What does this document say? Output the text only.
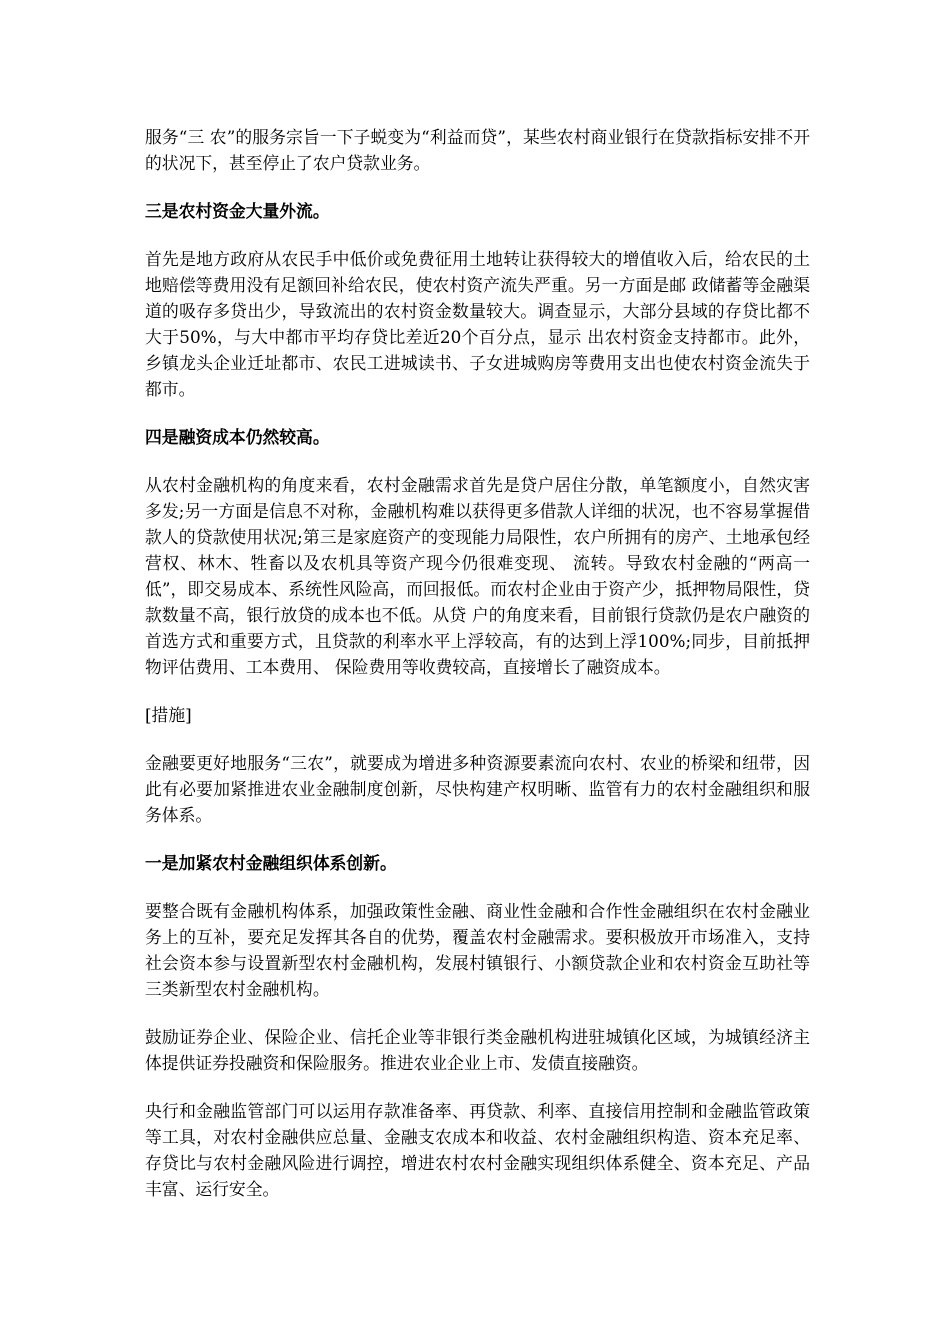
服务“三 农”的服务宗旨一下子蜕变为“利益而贷”，某些农村商业银行在贷款指标安排不开的状况下，甚至停止了农户贷款业务。

三是农村资金大量外流。

首先是地方政府从农民手中低价或免费征用土地转让获得较大的增值收入后，给农民的土地赔偿等费用没有足额回补给农民，使农村资产流失严重。另一方面是邮 政储蓄等金融渠道的吸存多贷出少，导致流出的农村资金数量较大。调查显示，大部分县域的存贷比都不大于50%，与大中都市平均存贷比差近20个百分点，显示 出农村资金支持都市。此外，乡镇龙头企业迁址都市、农民工进城读书、子女进城购房等费用支出也使农村资金流失于都市。

四是融资成本仍然较高。

从农村金融机构的角度来看，农村金融需求首先是贷户居住分散，单笔额度小，自然灾害多发;另一方面是信息不对称，金融机构难以获得更多借款人详细的状况，也不容易掌握借款人的贷款使用状况;第三是家庭资产的变现能力局限性，农户所拥有的房产、土地承包经营权、林木、牲畜以及农机具等资产现今仍很难变现、 流转。导致农村金融的“两高一低”，即交易成本、系统性风险高，而回报低。而农村企业由于资产少，抵押物局限性，贷款数量不高，银行放贷的成本也不低。从贷 户的角度来看，目前银行贷款仍是农户融资的首选方式和重要方式，且贷款的利率水平上浮较高，有的达到上浮100%;同步，目前抵押物评估费用、工本费用、 保险费用等收费较高，直接增长了融资成本。

[措施]

金融要更好地服务“三农”，就要成为增进多种资源要素流向农村、农业的桥梁和纽带，因此有必要加紧推进农业金融制度创新，尽快构建产权明晰、监管有力的农村金融组织和服务体系。

一是加紧农村金融组织体系创新。

要整合既有金融机构体系，加强政策性金融、商业性金融和合作性金融组织在农村金融业务上的互补，要充足发挥其各自的优势，覆盖农村金融需求。要积极放开市场准入，支持社会资本参与设置新型农村金融机构，发展村镇银行、小额贷款企业和农村资金互助社等三类新型农村金融机构。

鼓励证券企业、保险企业、信托企业等非银行类金融机构进驻城镇化区域，为城镇经济主体提供证券投融资和保险服务。推进农业企业上市、发债直接融资。

央行和金融监管部门可以运用存款准备率、再贷款、利率、直接信用控制和金融监管政策等工具，对农村金融供应总量、金融支农成本和收益、农村金融组织构造、资本充足率、存贷比与农村金融风险进行调控，增进农村农村金融实现组织体系健全、资本充足、产品丰富、运行安全。
